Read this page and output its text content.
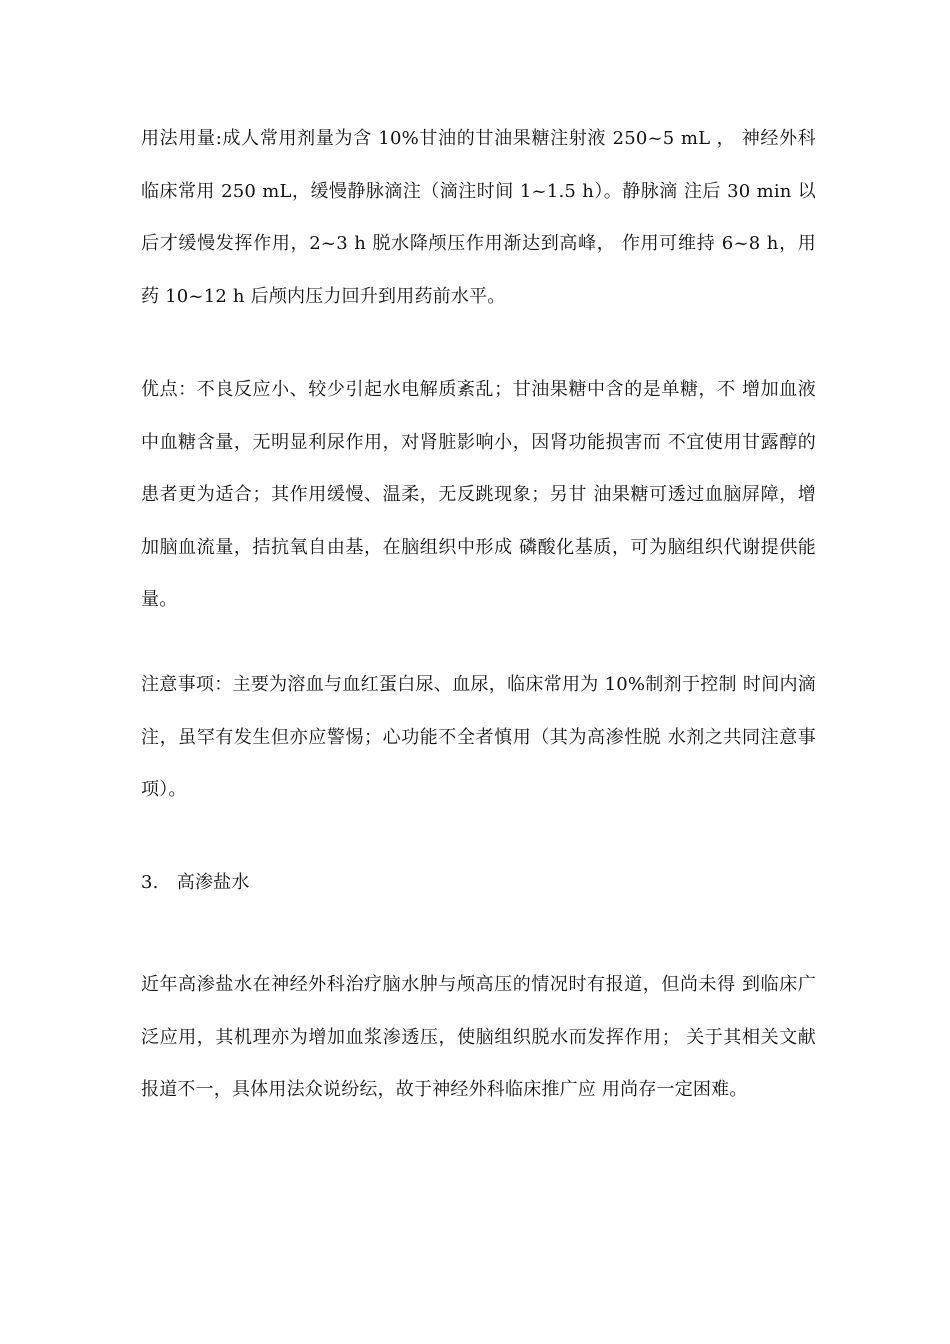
用法用量:成人常用剂量为含 10%甘油的甘油果糖注射液 250~5 mL ， 神经外科临床常用 250 mL，缓慢静脉滴注（滴注时间 1~1.5 h）。静脉滴 注后 30 min 以后才缓慢发挥作用，2~3 h 脱水降颅压作用渐达到高峰， 作用可维持 6~8 h，用药 10~12 h 后颅内压力回升到用药前水平。

优点：不良反应小、较少引起水电解质紊乱；甘油果糖中含的是单糖，不 增加血液中血糖含量，无明显利尿作用，对肾脏影响小，因肾功能损害而 不宜使用甘露醇的患者更为适合；其作用缓慢、温柔，无反跳现象；另甘 油果糖可透过血脑屏障，增加脑血流量，拮抗氧自由基，在脑组织中形成 磷酸化基质，可为脑组织代谢提供能量。

注意事项：主要为溶血与血红蛋白尿、血尿，临床常用为 10%制剂于控制 时间内滴注，虽罕有发生但亦应警惕；心功能不全者慎用（其为高渗性脱 水剂之共同注意事项）。

3.　高渗盐水

近年高渗盐水在神经外科治疗脑水肿与颅高压的情况时有报道，但尚未得 到临床广泛应用，其机理亦为增加血浆渗透压，使脑组织脱水而发挥作用； 关于其相关文献报道不一，具体用法众说纷纭，故于神经外科临床推广应 用尚存一定困难。
